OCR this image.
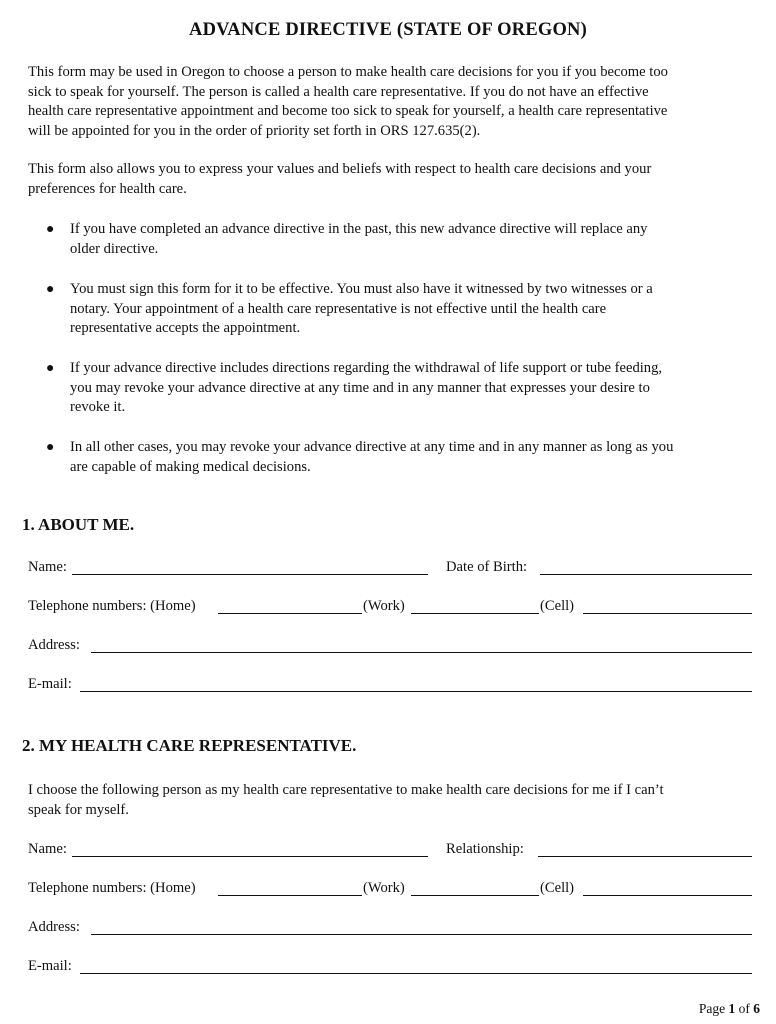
ADVANCE DIRECTIVE (STATE OF OREGON)
This form may be used in Oregon to choose a person to make health care decisions for you if you become too
sick to speak for yourself. The person is called a health care representative. If you do not have an effective
health care representative appointment and become too sick to speak for yourself, a health care representative
will be appointed for you in the order of priority set forth in ORS 127.635(2).
This form also allows you to express your values and beliefs with respect to health care decisions and your
preferences for health care.
● If you have completed an advance directive in the past, this new advance directive will replace any
older directive.
● You must sign this form for it to be effective. You must also have it witnessed by two witnesses or a
notary. Your appointment of a health care representative is not effective until the health care
representative accepts the appointment.
● If your advance directive includes directions regarding the withdrawal of life support or tube feeding,
you may revoke your advance directive at any time and in any manner that expresses your desire to
revoke it.
● In all other cases, you may revoke your advance directive at any time and in any manner as long as you
are capable of making medical decisions.
1. ABOUT ME.
Name:	Date of Birth:
Telephone numbers: (Home)	(Work)	(Cell)
Address:
E-mail:
2. MY HEALTH CARE REPRESENTATIVE.
I choose the following person as my health care representative to make health care decisions for me if I can’t
speak for myself.
Name:	Relationship:
Telephone numbers: (Home)	(Work)	(Cell)
Address:
E-mail:
Page 1 of 6
